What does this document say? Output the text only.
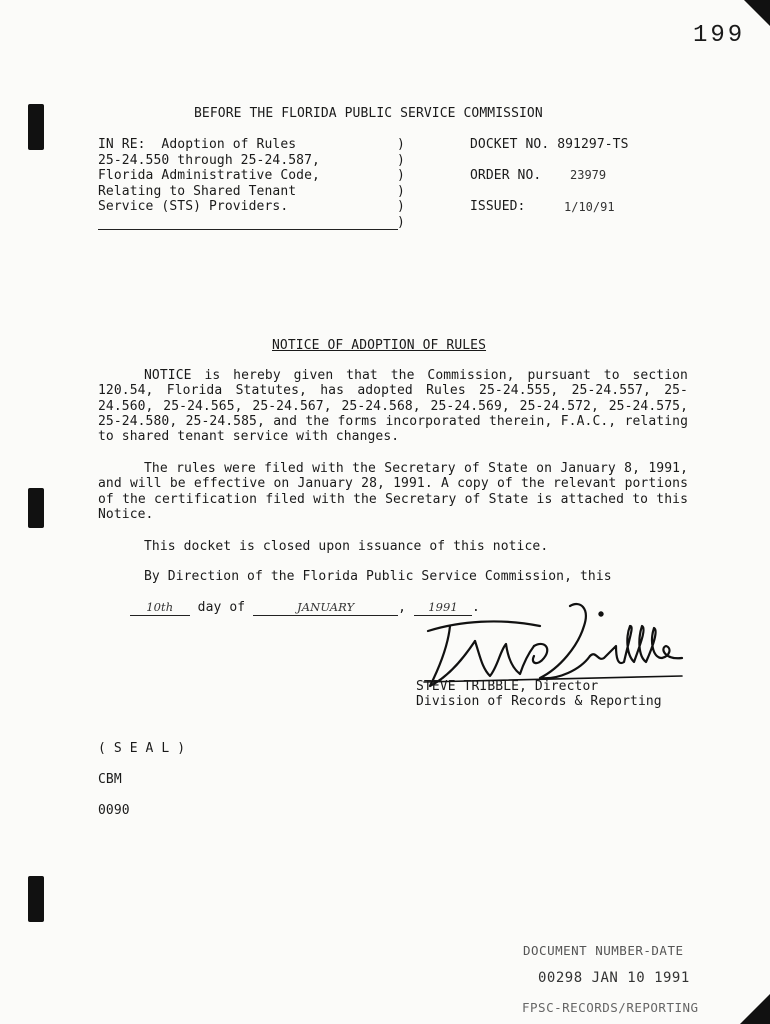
199
BEFORE THE FLORIDA PUBLIC SERVICE COMMISSION
IN RE:  Adoption of Rules
25-24.550 through 25-24.587,
Florida Administrative Code,
Relating to Shared Tenant
Service (STS) Providers.
)
)
)
)
)
)
DOCKET NO. 891297-TS
ORDER NO. 23979
ISSUED:	1/10/91
NOTICE OF ADOPTION OF RULES
NOTICE is hereby given that the Commission, pursuant to section 120.54, Florida Statutes, has adopted Rules 25-24.555, 25-24.557, 25-24.560, 25-24.565, 25-24.567, 25-24.568, 25-24.569, 25-24.572, 25-24.575, 25-24.580, 25-24.585, and the forms incorporated therein, F.A.C., relating to shared tenant service with changes.
The rules were filed with the Secretary of State on January 8, 1991, and will be effective on January 28, 1991. A copy of the relevant portions of the certification filed with the Secretary of State is attached to this Notice.
This docket is closed upon issuance of this notice.
By Direction of the Florida Public Service Commission, this

10th day of	JANUARY	, 1991 .

STEVE TRIBBLE, Director
Division of Records & Reporting
( S E A L )
CBM
0090
DOCUMENT NUMBER-DATE
00298 JAN 10 1991
FPSC-RECORDS/REPORTING
